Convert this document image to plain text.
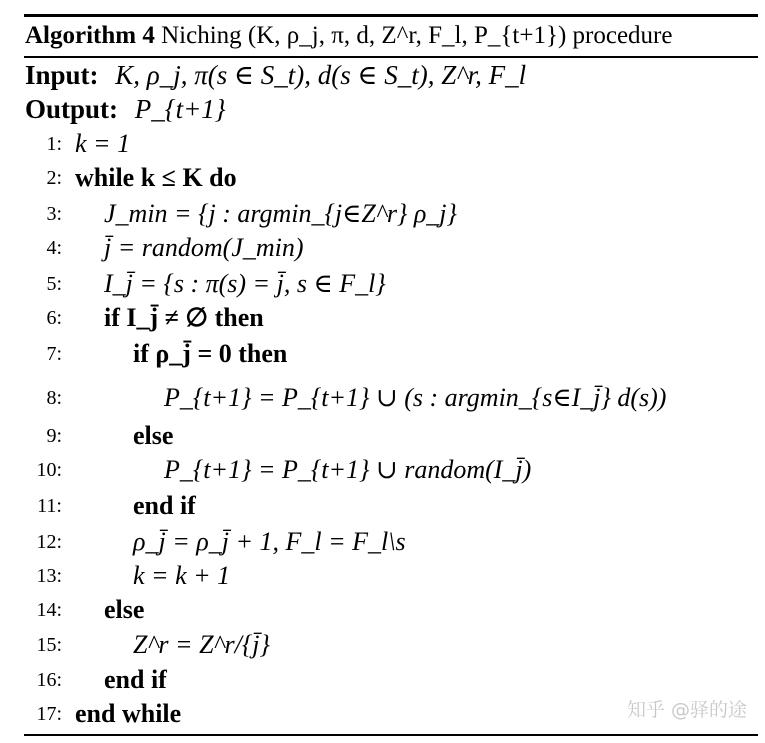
Algorithm 4 Niching (K, ρ_j, π, d, Z^r, F_l, P_{t+1}) procedure
Input: K, ρ_j, π(s ∈ S_t), d(s ∈ S_t), Z^r, F_l
Output: P_{t+1}
1: k = 1
2: while k ≤ K do
3: J_min = {j : argmin_{j∈Z^r} ρ_j}
4: j̄ = random(J_min)
5: I_j̄ = {s : π(s) = j̄, s ∈ F_l}
6: if I_j̄ ≠ ∅ then
7:	if ρ_j̄ = 0 then
8:	P_{t+1} = P_{t+1} ∪ (s : argmin_{s∈I_j̄} d(s))
9:	else
10:	P_{t+1} = P_{t+1} ∪ random(I_j̄)
11:	end if
12:	ρ_j̄ = ρ_j̄ + 1, F_l = F_l\s
13:	k = k + 1
14: else
15:	Z^r = Z^r/{j̄}
16: end if
17: end while	知乎 @驿的途
